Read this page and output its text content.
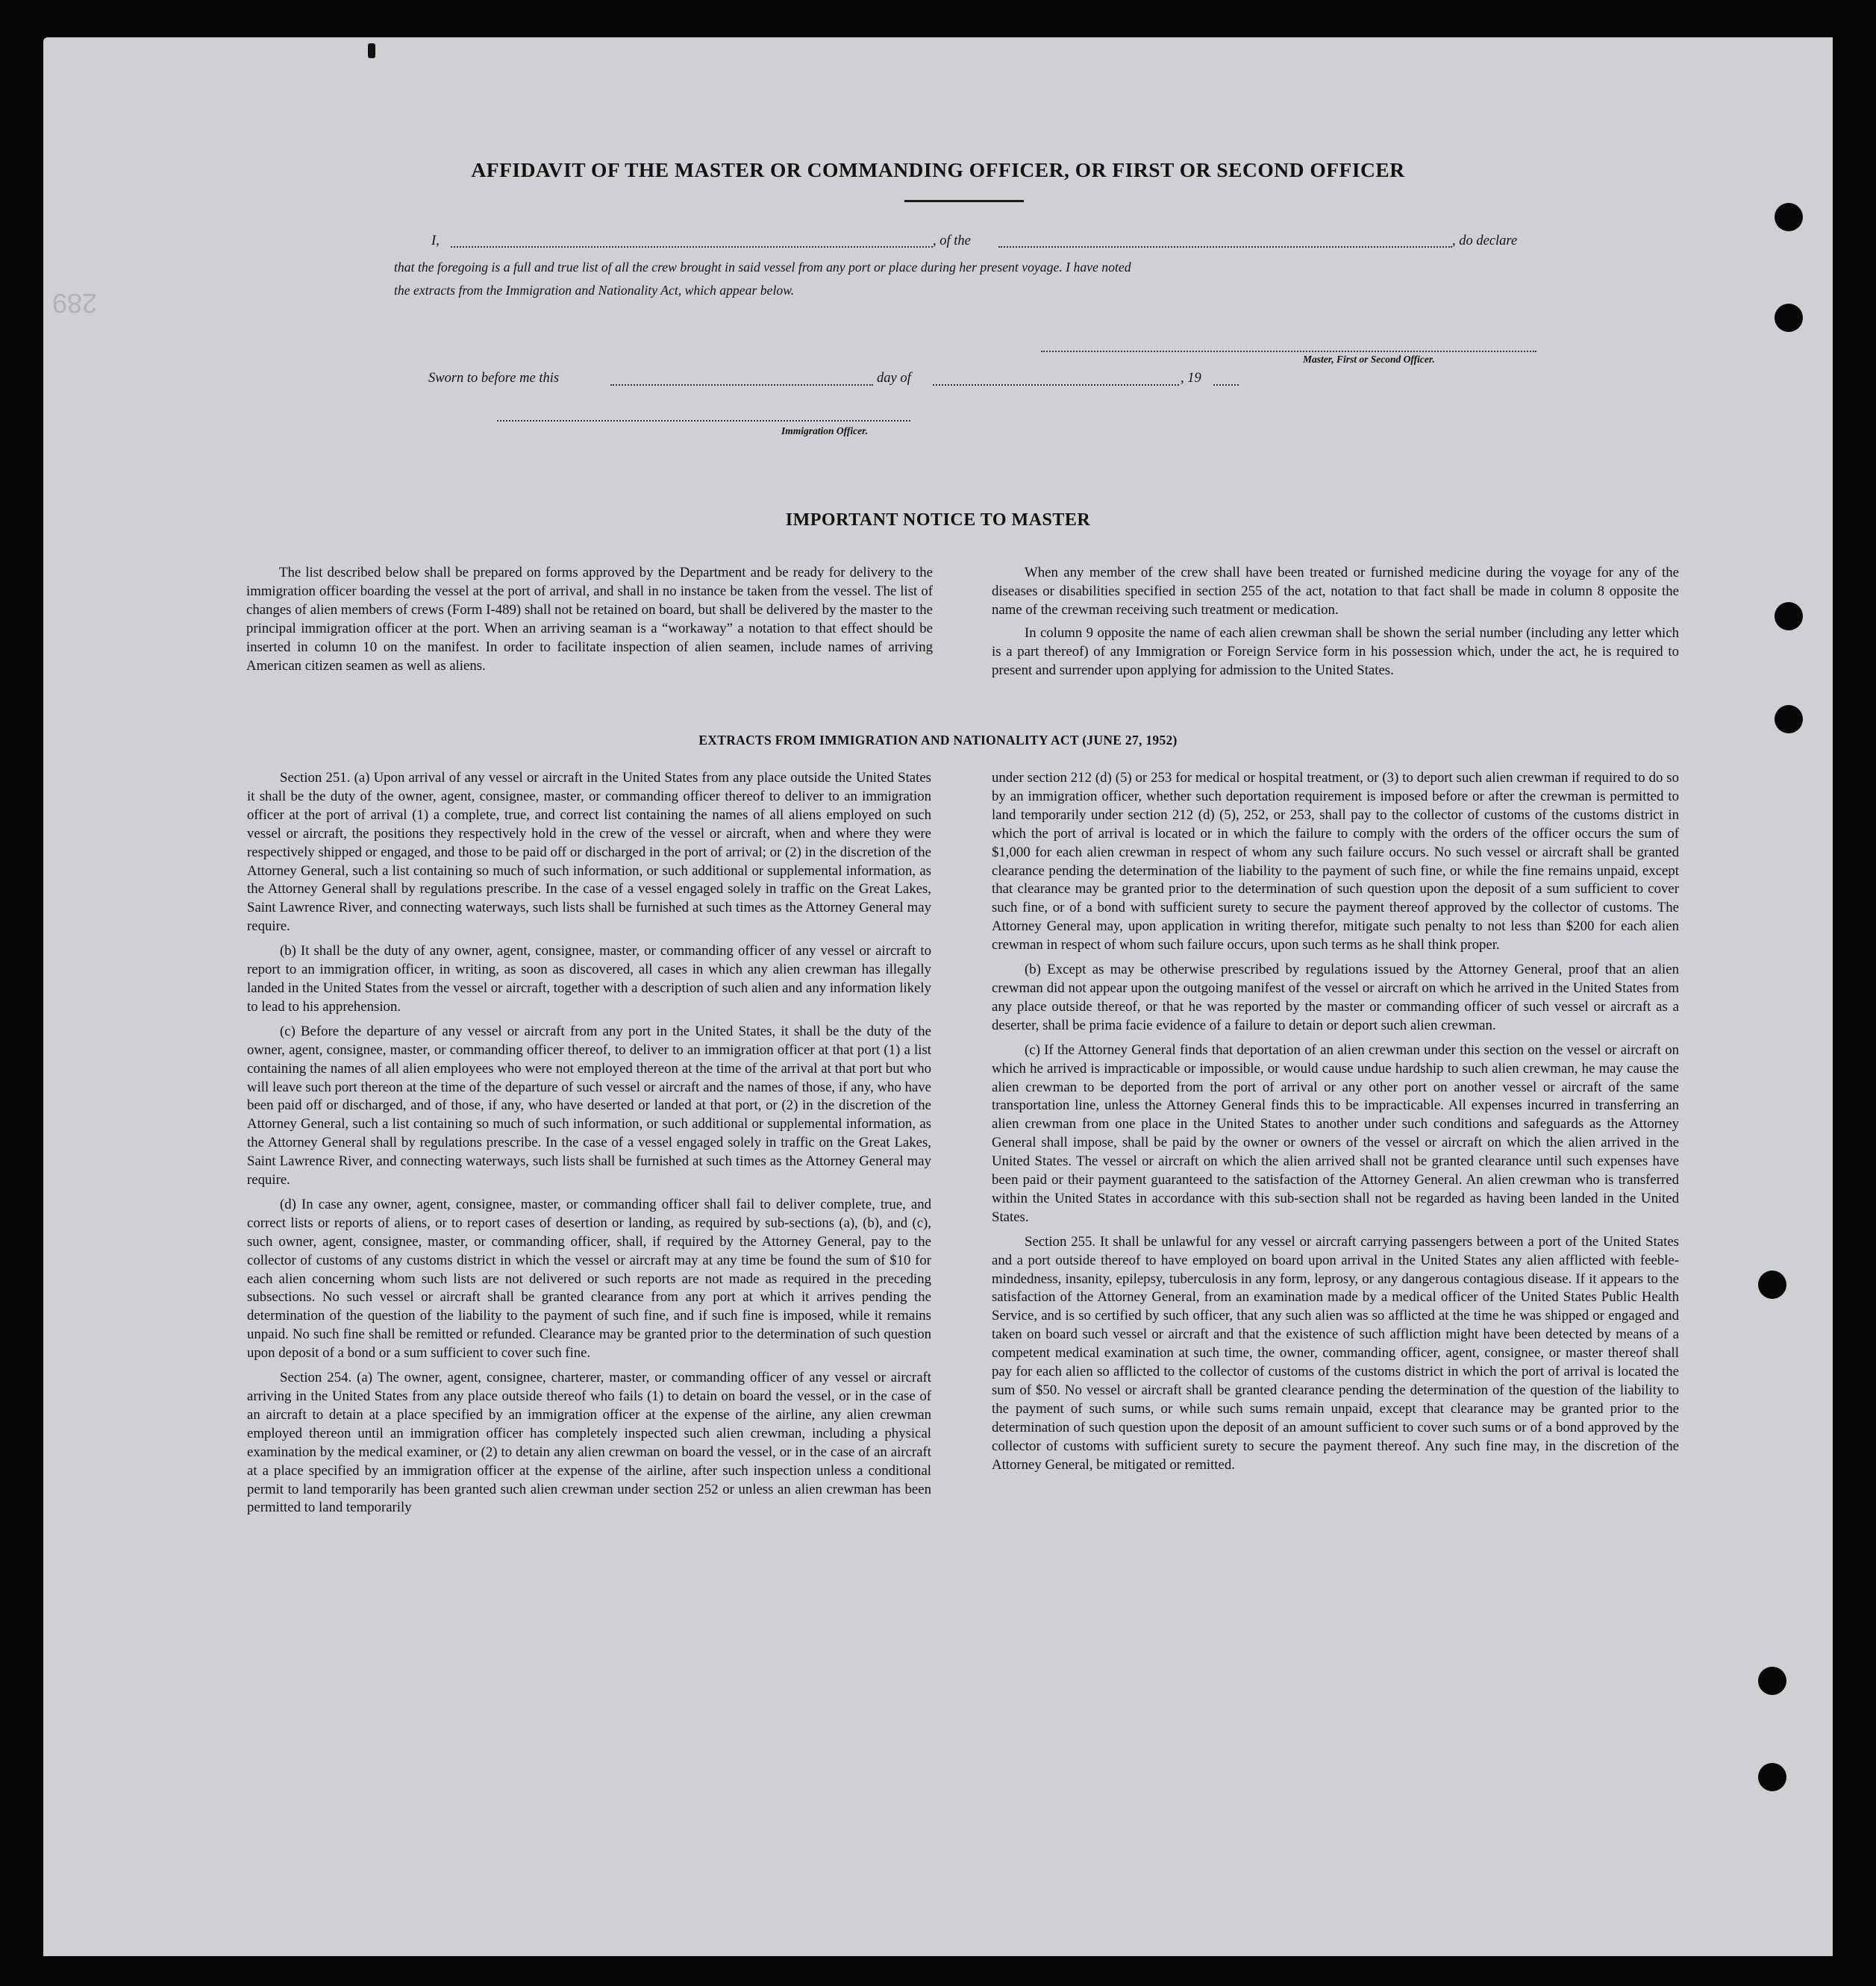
289
AFFIDAVIT OF THE MASTER OR COMMANDING OFFICER, OR FIRST OR SECOND OFFICER
I,	, of the	, do declare
that the foregoing is a full and true list of all the crew brought in said vessel from any port or place during her present voyage. I have noted
the extracts from the Immigration and Nationality Act, which appear below.
Master, First or Second Officer.
Sworn to before me this	day of	, 19
Immigration Officer.
IMPORTANT NOTICE TO MASTER

The list described below shall be prepared on forms approved by the Department and be ready for delivery to the immigration officer boarding the vessel at the port of arrival, and shall in no instance be taken from the vessel. The list of changes of alien members of crews (Form I-489) shall not be retained on board, but shall be delivered by the master to the principal immigration officer at the port. When an arriving seaman is a “workaway” a notation to that effect should be inserted in column 10 on the manifest. In order to facilitate inspection of alien seamen, include names of arriving American citizen seamen as well as aliens.

When any member of the crew shall have been treated or furnished medicine during the voyage for any of the diseases or disabilities specified in section 255 of the act, notation to that fact shall be made in column 8 opposite the name of the crewman receiving such treatment or medication.

In column 9 opposite the name of each alien crewman shall be shown the serial number (including any letter which is a part thereof) of any Immigration or Foreign Service form in his possession which, under the act, he is required to present and surrender upon applying for admission to the United States.

EXTRACTS FROM IMMIGRATION AND NATIONALITY ACT (JUNE 27, 1952)

Section 251. (a) Upon arrival of any vessel or aircraft in the United States from any place outside the United States it shall be the duty of the owner, agent, consignee, master, or commanding officer thereof to deliver to an immigration officer at the port of arrival (1) a complete, true, and correct list containing the names of all aliens employed on such vessel or aircraft, the positions they respectively hold in the crew of the vessel or aircraft, when and where they were respectively shipped or engaged, and those to be paid off or discharged in the port of arrival; or (2) in the discretion of the Attorney General, such a list containing so much of such information, or such additional or supplemental information, as the Attorney General shall by regulations prescribe. In the case of a vessel engaged solely in traffic on the Great Lakes, Saint Lawrence River, and connecting waterways, such lists shall be furnished at such times as the Attorney General may require.

(b) It shall be the duty of any owner, agent, consignee, master, or commanding officer of any vessel or aircraft to report to an immigration officer, in writing, as soon as discovered, all cases in which any alien crewman has illegally landed in the United States from the vessel or aircraft, together with a description of such alien and any information likely to lead to his apprehension.

(c) Before the departure of any vessel or aircraft from any port in the United States, it shall be the duty of the owner, agent, consignee, master, or commanding officer thereof, to deliver to an immigration officer at that port (1) a list containing the names of all alien employees who were not employed thereon at the time of the arrival at that port but who will leave such port thereon at the time of the departure of such vessel or aircraft and the names of those, if any, who have been paid off or discharged, and of those, if any, who have deserted or landed at that port, or (2) in the discretion of the Attorney General, such a list containing so much of such information, or such additional or supplemental information, as the Attorney General shall by regulations prescribe. In the case of a vessel engaged solely in traffic on the Great Lakes, Saint Lawrence River, and connecting waterways, such lists shall be furnished at such times as the Attorney General may require.

(d) In case any owner, agent, consignee, master, or commanding officer shall fail to deliver complete, true, and correct lists or reports of aliens, or to report cases of desertion or landing, as required by sub-sections (a), (b), and (c), such owner, agent, consignee, master, or commanding officer, shall, if required by the Attorney General, pay to the collector of customs of any customs district in which the vessel or aircraft may at any time be found the sum of $10 for each alien concerning whom such lists are not delivered or such reports are not made as required in the preceding subsections. No such vessel or aircraft shall be granted clearance from any port at which it arrives pending the determination of the question of the liability to the payment of such fine, and if such fine is imposed, while it remains unpaid. No such fine shall be remitted or refunded. Clearance may be granted prior to the determination of such question upon deposit of a bond or a sum sufficient to cover such fine.

Section 254. (a) The owner, agent, consignee, charterer, master, or commanding officer of any vessel or aircraft arriving in the United States from any place outside thereof who fails (1) to detain on board the vessel, or in the case of an aircraft to detain at a place specified by an immigration officer at the expense of the airline, any alien crewman employed thereon until an immigration officer has completely inspected such alien crewman, including a physical examination by the medical examiner, or (2) to detain any alien crewman on board the vessel, or in the case of an aircraft at a place specified by an immigration officer at the expense of the airline, after such inspection unless a conditional permit to land temporarily has been granted such alien crewman under section 252 or unless an alien crewman has been permitted to land temporarily

under section 212 (d) (5) or 253 for medical or hospital treatment, or (3) to deport such alien crewman if required to do so by an immigration officer, whether such deportation requirement is imposed before or after the crewman is permitted to land temporarily under section 212 (d) (5), 252, or 253, shall pay to the collector of customs of the customs district in which the port of arrival is located or in which the failure to comply with the orders of the officer occurs the sum of $1,000 for each alien crewman in respect of whom any such failure occurs. No such vessel or aircraft shall be granted clearance pending the determination of the liability to the payment of such fine, or while the fine remains unpaid, except that clearance may be granted prior to the determination of such question upon the deposit of a sum sufficient to cover such fine, or of a bond with sufficient surety to secure the payment thereof approved by the collector of customs. The Attorney General may, upon application in writing therefor, mitigate such penalty to not less than $200 for each alien crewman in respect of whom such failure occurs, upon such terms as he shall think proper.

(b) Except as may be otherwise prescribed by regulations issued by the Attorney General, proof that an alien crewman did not appear upon the outgoing manifest of the vessel or aircraft on which he arrived in the United States from any place outside thereof, or that he was reported by the master or commanding officer of such vessel or aircraft as a deserter, shall be prima facie evidence of a failure to detain or deport such alien crewman.

(c) If the Attorney General finds that deportation of an alien crewman under this section on the vessel or aircraft on which he arrived is impracticable or impossible, or would cause undue hardship to such alien crewman, he may cause the alien crewman to be deported from the port of arrival or any other port on another vessel or aircraft of the same transportation line, unless the Attorney General finds this to be impracticable. All expenses incurred in transferring an alien crewman from one place in the United States to another under such conditions and safeguards as the Attorney General shall impose, shall be paid by the owner or owners of the vessel or aircraft on which the alien arrived in the United States. The vessel or aircraft on which the alien arrived shall not be granted clearance until such expenses have been paid or their payment guaranteed to the satisfaction of the Attorney General. An alien crewman who is transferred within the United States in accordance with this sub-section shall not be regarded as having been landed in the United States.

Section 255. It shall be unlawful for any vessel or aircraft carrying passengers between a port of the United States and a port outside thereof to have employed on board upon arrival in the United States any alien afflicted with feeble-mindedness, insanity, epilepsy, tuberculosis in any form, leprosy, or any dangerous contagious disease. If it appears to the satisfaction of the Attorney General, from an examination made by a medical officer of the United States Public Health Service, and is so certified by such officer, that any such alien was so afflicted at the time he was shipped or engaged and taken on board such vessel or aircraft and that the existence of such affliction might have been detected by means of a competent medical examination at such time, the owner, commanding officer, agent, consignee, or master thereof shall pay for each alien so afflicted to the collector of customs of the customs district in which the port of arrival is located the sum of $50. No vessel or aircraft shall be granted clearance pending the determination of the question of the liability to the payment of such sums, or while such sums remain unpaid, except that clearance may be granted prior to the determination of such question upon the deposit of an amount sufficient to cover such sums or of a bond approved by the collector of customs with sufficient surety to secure the payment thereof. Any such fine may, in the discretion of the Attorney General, be mitigated or remitted.
